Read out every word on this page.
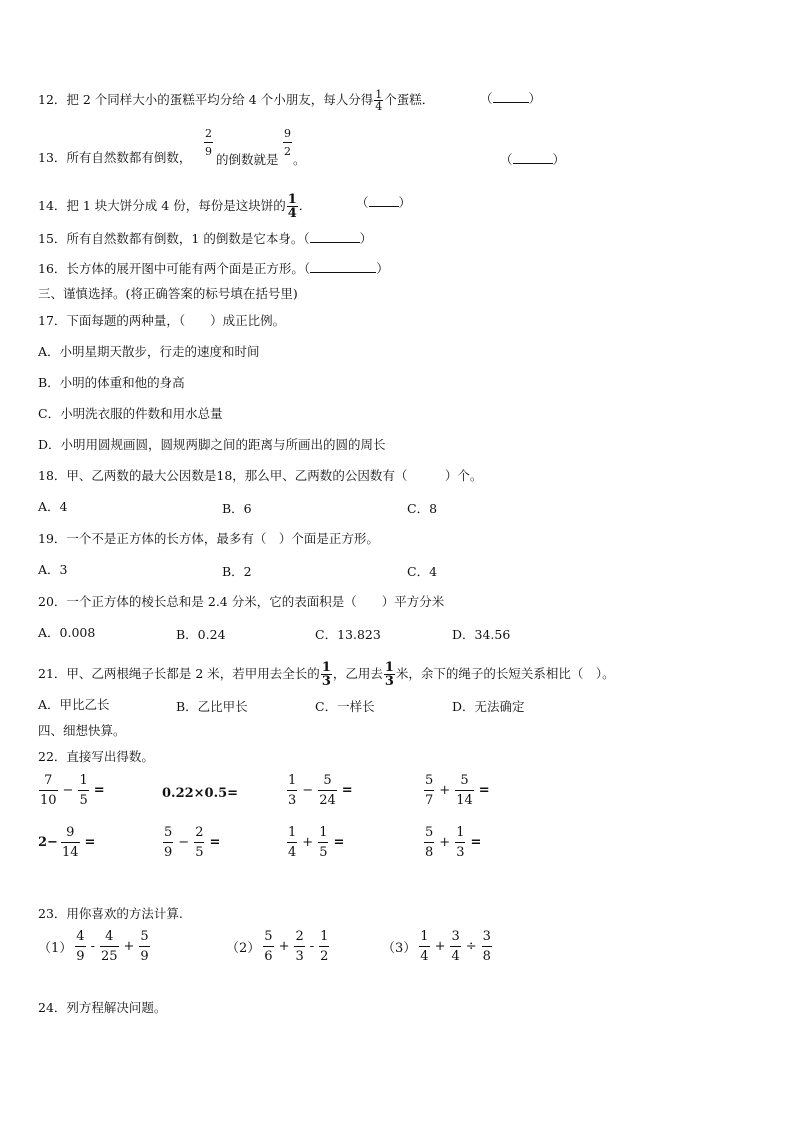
12．把 2 个同样大小的蛋糕平均分给 4 个小朋友，每人分得 $\frac{1}{4}$ 个蛋糕．	（	）
13．所有自然数都有倒数，
$\frac{2}{9}$
的倒数就是
$\frac{9}{2}$
。	（	）
14．把 1 块大饼分成 4 份，每份是这块饼的 $\frac{1}{4}$ ．	（ ）
15．所有自然数都有倒数，1 的倒数是它本身。（	）
16．长方体的展开图中可能有两个面是正方形。（	）
三、谨慎选择。(将正确答案的标号填在括号里)
17．下面每题的两种量，（　　）成正比例。
A．小明星期天散步，行走的速度和时间
B．小明的体重和他的身高
C．小明洗衣服的件数和用水总量
D．小明用圆规画圆，圆规两脚之间的距离与所画出的圆的周长
18．甲、乙两数的最大公因数是18，那么甲、乙两数的公因数有（　　　）个。
A．4	B．6	C．8
19．一个不是正方体的长方体，最多有（　）个面是正方形。
A．3	B．2	C．4
20．一个正方体的棱长总和是 2.4 分米，它的表面积是（　　）平方分米
A．0.008	B．0.24	C．13.823	D．34.56
21．甲、乙两根绳子长都是 2 米，若甲用去全长的 $\frac{1}{3}$ ，乙用去 $\frac{1}{3}$ 米，余下的绳子的长短关系相比（　）。
A．甲比乙长	B．乙比甲长	C．一样长	D．无法确定
四、细想快算。
22．直接写出得数。
$\frac{7}{10} - \frac{1}{5}$ =	0.22×0.5=	$\frac{1}{3} - \frac{5}{24}$ =	$\frac{5}{7} + \frac{5}{14}$ =
$2- \frac{9}{14}$ =	$\frac{5}{9} - \frac{2}{5}$ =	$\frac{1}{4} + \frac{1}{5}$ =	$\frac{5}{8} + \frac{1}{3}$ =
23．用你喜欢的方法计算.
$(1) \frac{4}{9} - \frac{4}{25} + \frac{5}{9}$	$(2) \frac{5}{6} + \frac{2}{3} - \frac{1}{2}$	$(3) \frac{1}{4} + \frac{3}{4} \div \frac{3}{8}$
24．列方程解决问题。
